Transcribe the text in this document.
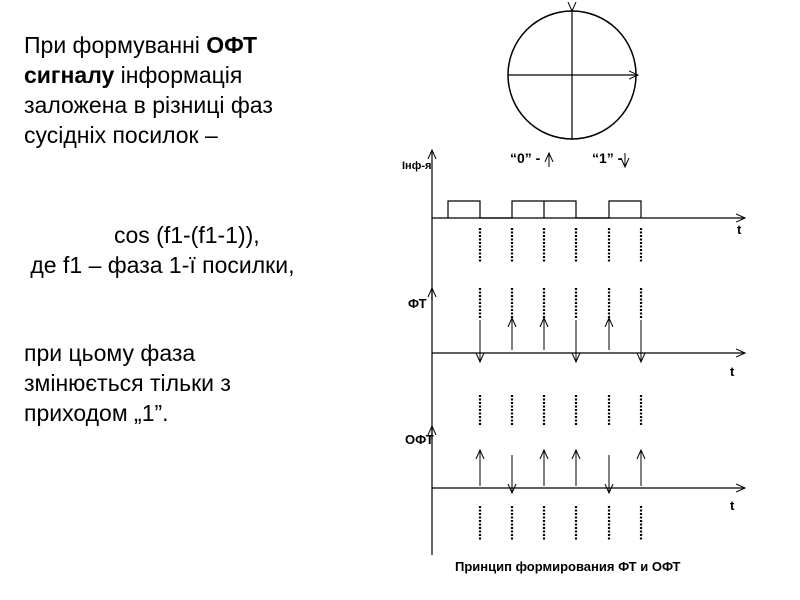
При формуванні ОФТ

сигналу інформація

заложена в різниці фаз

сусідніх посилок –

cos (f1-(f1-1)),
де f1 – фаза 1-ї посилки,

при цьому фаза

змінюється тільки з

приходом „1”.

“0” -	“1” -
Інф-я
ФТ
ОФТ
t
t
t
Принцип формирования ФТ и ОФТ
